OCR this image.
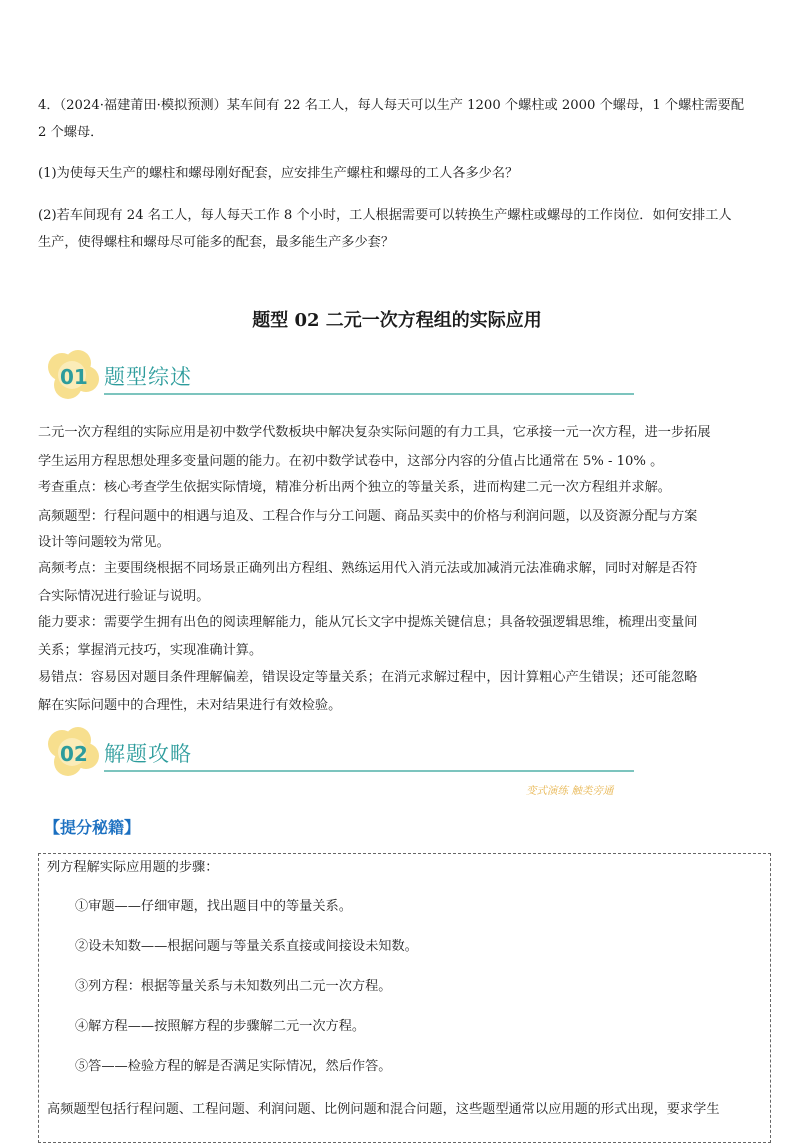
4．（2024·福建莆田·模拟预测）某车间有 22 名工人，每人每天可以生产 1200 个螺柱或 2000 个螺母，1 个螺柱需要配
2 个螺母．
(1)为使每天生产的螺柱和螺母刚好配套，应安排生产螺柱和螺母的工人各多少名？
(2)若车间现有 24 名工人，每人每天工作 8 个小时，工人根据需要可以转换生产螺柱或螺母的工作岗位．如何安排工人
生产，使得螺柱和螺母尽可能多的配套，最多能生产多少套？
题型 02 二元一次方程组的实际应用
01 题型综述
二元一次方程组的实际应用是初中数学代数板块中解决复杂实际问题的有力工具，它承接一元一次方程，进一步拓展
学生运用方程思想处理多变量问题的能力。在初中数学试卷中，这部分内容的分值占比通常在 5% - 10% 。
考查重点：核心考查学生依据实际情境，精准分析出两个独立的等量关系，进而构建二元一次方程组并求解。
高频题型：行程问题中的相遇与追及、工程合作与分工问题、商品买卖中的价格与利润问题，以及资源分配与方案
设计等问题较为常见。
高频考点：主要围绕根据不同场景正确列出方程组、熟练运用代入消元法或加减消元法准确求解，同时对解是否符
合实际情况进行验证与说明。
能力要求：需要学生拥有出色的阅读理解能力，能从冗长文字中提炼关键信息；具备较强逻辑思维，梳理出变量间
关系；掌握消元技巧，实现准确计算。
易错点：容易因对题目条件理解偏差，错误设定等量关系；在消元求解过程中，因计算粗心产生错误；还可能忽略
解在实际问题中的合理性，未对结果进行有效检验。
02 解题攻略
变式演练 触类旁通
【提分秘籍】
列方程解实际应用题的步骤：
①审题——仔细审题，找出题目中的等量关系。
②设未知数——根据问题与等量关系直接或间接设未知数。
③列方程：根据等量关系与未知数列出二元一次方程。
④解方程——按照解方程的步骤解二元一次方程。
⑤答——检验方程的解是否满足实际情况，然后作答。
高频题型包括行程问题、工程问题、利润问题、比例问题和混合问题，这些题型通常以应用题的形式出现，要求学生
